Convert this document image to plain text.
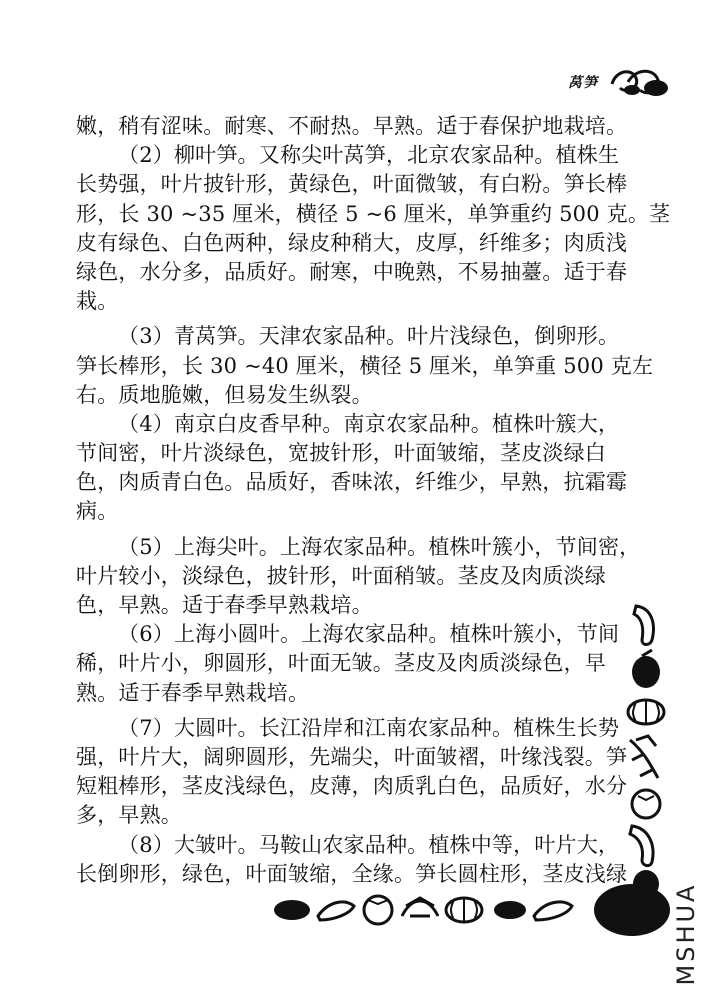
莴笋
嫩，稍有涩味。耐寒、不耐热。早熟。适于春保护地栽培。
（2）柳叶笋。又称尖叶莴笋，北京农家品种。植株生
长势强，叶片披针形，黄绿色，叶面微皱，有白粉。笋长棒
形，长 30 ~35 厘米，横径 5 ~6 厘米，单笋重约 500 克。茎
皮有绿色、白色两种，绿皮种稍大，皮厚，纤维多；肉质浅
绿色，水分多，品质好。耐寒，中晚熟，不易抽薹。适于春
栽。
（3）青莴笋。天津农家品种。叶片浅绿色，倒卵形。
笋长棒形，长 30 ~40 厘米，横径 5 厘米，单笋重 500 克左
右。质地脆嫩，但易发生纵裂。
（4）南京白皮香早种。南京农家品种。植株叶簇大，
节间密，叶片淡绿色，宽披针形，叶面皱缩，茎皮淡绿白
色，肉质青白色。品质好，香味浓，纤维少，早熟，抗霜霉
病。
（5）上海尖叶。上海农家品种。植株叶簇小，节间密，
叶片较小，淡绿色，披针形，叶面稍皱。茎皮及肉质淡绿
色，早熟。适于春季早熟栽培。
（6）上海小圆叶。上海农家品种。植株叶簇小，节间
稀，叶片小，卵圆形，叶面无皱。茎皮及肉质淡绿色，早
熟。适于春季早熟栽培。
（7）大圆叶。长江沿岸和江南农家品种。植株生长势
强，叶片大，阔卵圆形，先端尖，叶面皱褶，叶缘浅裂。笋
短粗棒形，茎皮浅绿色，皮薄，肉质乳白色，品质好，水分
多，早熟。
（8）大皱叶。马鞍山农家品种。植株中等，叶片大，
长倒卵形，绿色，叶面皱缩，全缘。笋长圆柱形，茎皮浅绿
MSHUA
